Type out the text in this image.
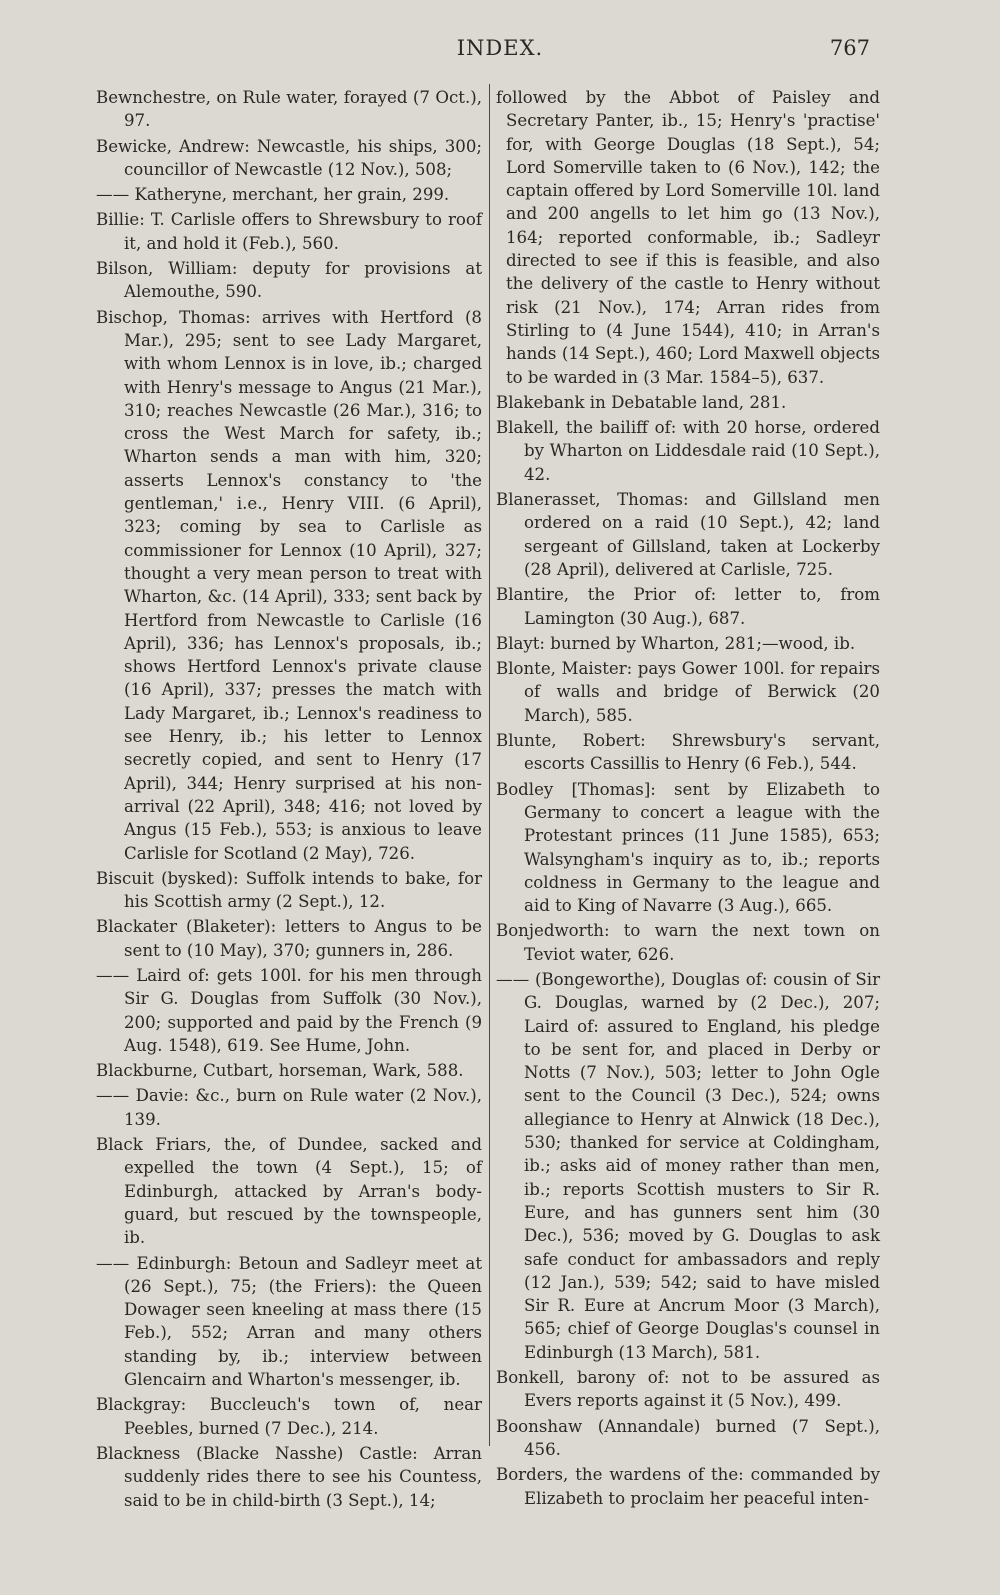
INDEX.	767

Bewnchestre, on Rule water, forayed (7 Oct.), 97.

Bewicke, Andrew: Newcastle, his ships, 300; councillor of Newcastle (12 Nov.), 508;

—— Katheryne, merchant, her grain, 299.

Billie: T. Carlisle offers to Shrewsbury to roof it, and hold it (Feb.), 560.

Bilson, William: deputy for provisions at Alemouthe, 590.

Bischop, Thomas: arrives with Hertford (8 Mar.), 295; sent to see Lady Margaret, with whom Lennox is in love, ib.; charged with Henry's message to Angus (21 Mar.), 310; reaches Newcastle (26 Mar.), 316; to cross the West March for safety, ib.; Wharton sends a man with him, 320; asserts Lennox's constancy to 'the gentleman,' i.e., Henry VIII. (6 April), 323; coming by sea to Carlisle as commissioner for Lennox (10 April), 327; thought a very mean person to treat with Wharton, &c. (14 April), 333; sent back by Hertford from Newcastle to Carlisle (16 April), 336; has Lennox's proposals, ib.; shows Hertford Lennox's private clause (16 April), 337; presses the match with Lady Margaret, ib.; Lennox's readiness to see Henry, ib.; his letter to Lennox secretly copied, and sent to Henry (17 April), 344; Henry surprised at his non-arrival (22 April), 348; 416; not loved by Angus (15 Feb.), 553; is anxious to leave Carlisle for Scotland (2 May), 726.

Biscuit (bysked): Suffolk intends to bake, for his Scottish army (2 Sept.), 12.

Blackater (Blaketer): letters to Angus to be sent to (10 May), 370; gunners in, 286.

—— Laird of: gets 100l. for his men through Sir G. Douglas from Suffolk (30 Nov.), 200; supported and paid by the French (9 Aug. 1548), 619. See Hume, John.

Blackburne, Cutbart, horseman, Wark, 588.

—— Davie: &c., burn on Rule water (2 Nov.), 139.

Black Friars, the, of Dundee, sacked and expelled the town (4 Sept.), 15; of Edinburgh, attacked by Arran's body-guard, but rescued by the townspeople, ib.

—— Edinburgh: Betoun and Sadleyr meet at (26 Sept.), 75; (the Friers): the Queen Dowager seen kneeling at mass there (15 Feb.), 552; Arran and many others standing by, ib.; interview between Glencairn and Wharton's messenger, ib.

Blackgray: Buccleuch's town of, near Peebles, burned (7 Dec.), 214.

Blackness (Blacke Nasshe) Castle: Arran suddenly rides there to see his Countess, said to be in child-birth (3 Sept.), 14;

followed by the Abbot of Paisley and Secretary Panter, ib., 15; Henry's 'practise' for, with George Douglas (18 Sept.), 54; Lord Somerville taken to (6 Nov.), 142; the captain offered by Lord Somerville 10l. land and 200 angells to let him go (13 Nov.), 164; reported conformable, ib.; Sadleyr directed to see if this is feasible, and also the delivery of the castle to Henry without risk (21 Nov.), 174; Arran rides from Stirling to (4 June 1544), 410; in Arran's hands (14 Sept.), 460; Lord Maxwell objects to be warded in (3 Mar. 1584–5), 637.

Blakebank in Debatable land, 281.

Blakell, the bailiff of: with 20 horse, ordered by Wharton on Liddesdale raid (10 Sept.), 42.

Blanerasset, Thomas: and Gillsland men ordered on a raid (10 Sept.), 42; land sergeant of Gillsland, taken at Lockerby (28 April), delivered at Carlisle, 725.

Blantire, the Prior of: letter to, from Lamington (30 Aug.), 687.

Blayt: burned by Wharton, 281;—wood, ib.

Blonte, Maister: pays Gower 100l. for repairs of walls and bridge of Berwick (20 March), 585.

Blunte, Robert: Shrewsbury's servant, escorts Cassillis to Henry (6 Feb.), 544.

Bodley [Thomas]: sent by Elizabeth to Germany to concert a league with the Protestant princes (11 June 1585), 653; Walsyngham's inquiry as to, ib.; reports coldness in Germany to the league and aid to King of Navarre (3 Aug.), 665.

Bonjedworth: to warn the next town on Teviot water, 626.

—— (Bongeworthe), Douglas of: cousin of Sir G. Douglas, warned by (2 Dec.), 207; Laird of: assured to England, his pledge to be sent for, and placed in Derby or Notts (7 Nov.), 503; letter to John Ogle sent to the Council (3 Dec.), 524; owns allegiance to Henry at Alnwick (18 Dec.), 530; thanked for service at Coldingham, ib.; asks aid of money rather than men, ib.; reports Scottish musters to Sir R. Eure, and has gunners sent him (30 Dec.), 536; moved by G. Douglas to ask safe conduct for ambassadors and reply (12 Jan.), 539; 542; said to have misled Sir R. Eure at Ancrum Moor (3 March), 565; chief of George Douglas's counsel in Edinburgh (13 March), 581.

Bonkell, barony of: not to be assured as Evers reports against it (5 Nov.), 499.

Boonshaw (Annandale) burned (7 Sept.), 456.

Borders, the wardens of the: commanded by Elizabeth to proclaim her peaceful inten-
